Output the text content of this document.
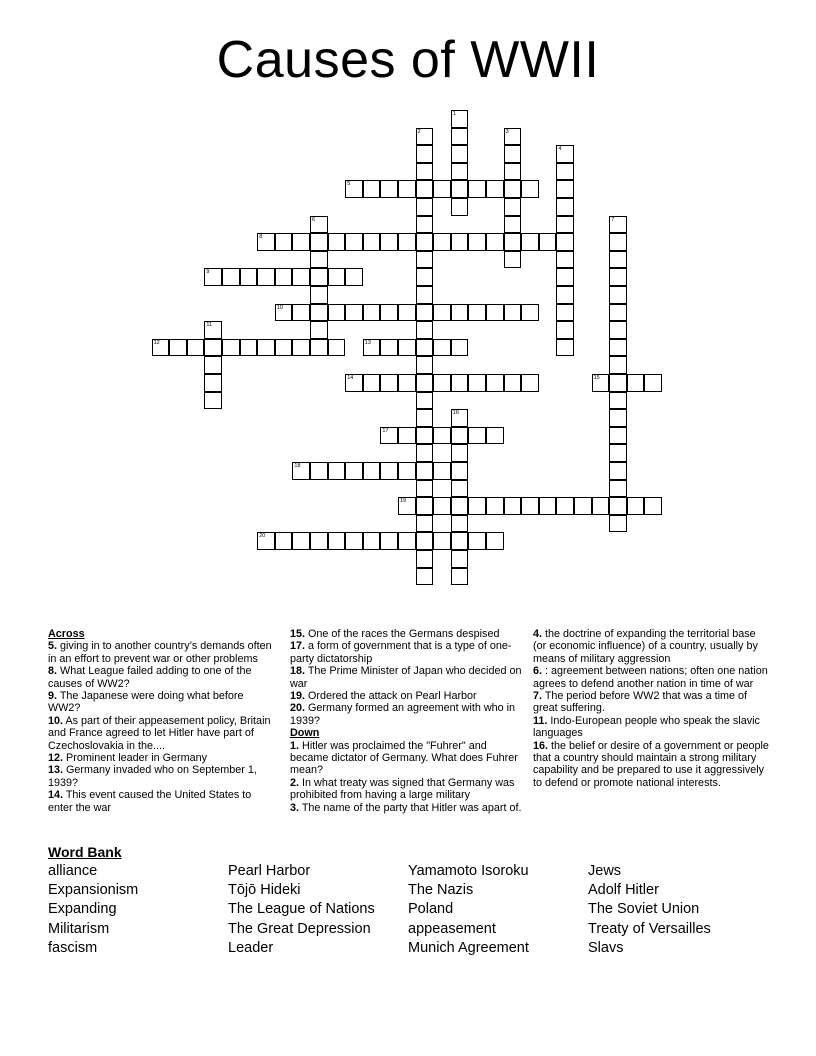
Causes of WWII
1
2	3
4
5
6	7
8
9
10
11
12	13
14	15
16
17
18
19
20
Across

5. giving in to another country’s demands often in an effort to prevent war or other problems

8. What League failed adding to one of the causes of WW2?

9. The Japanese were doing what before WW2?

10. As part of their appeasement policy, Britain and France agreed to let Hitler have part of Czechoslovakia in the....

12. Prominent leader in Germany

13. Germany invaded who on September 1, 1939?

14. This event caused the United States to enter the war

15. One of the races the Germans despised

17. a form of government that is a type of one-party dictatorship

18. The Prime Minister of Japan who decided on war

19. Ordered the attack on Pearl Harbor

20. Germany formed an agreement with who in 1939?

Down

1. Hitler was proclaimed the "Fuhrer" and became dictator of Germany. What does Fuhrer mean?

2. In what treaty was signed that Germany was prohibited from having a large military

3. The name of the party that Hitler was apart of.

4. the doctrine of expanding the territorial base (or economic influence) of a country, usually by means of military aggression

6. : agreement between nations; often one nation agrees to defend another nation in time of war

7. The period before WW2 that was a time of great suffering.

11. Indo-European people who speak the slavic languages

16. the belief or desire of a government or people that a country should maintain a strong military capability and be prepared to use it aggressively to defend or promote national interests.

Word Bank
alliance
Expansionism
Expanding
Militarism
fascism
Pearl Harbor
Tōjō Hideki
The League of Nations
The Great Depression
Leader
Yamamoto Isoroku
The Nazis
Poland
appeasement
Munich Agreement
Jews
Adolf Hitler
The Soviet Union
Treaty of Versailles
Slavs
